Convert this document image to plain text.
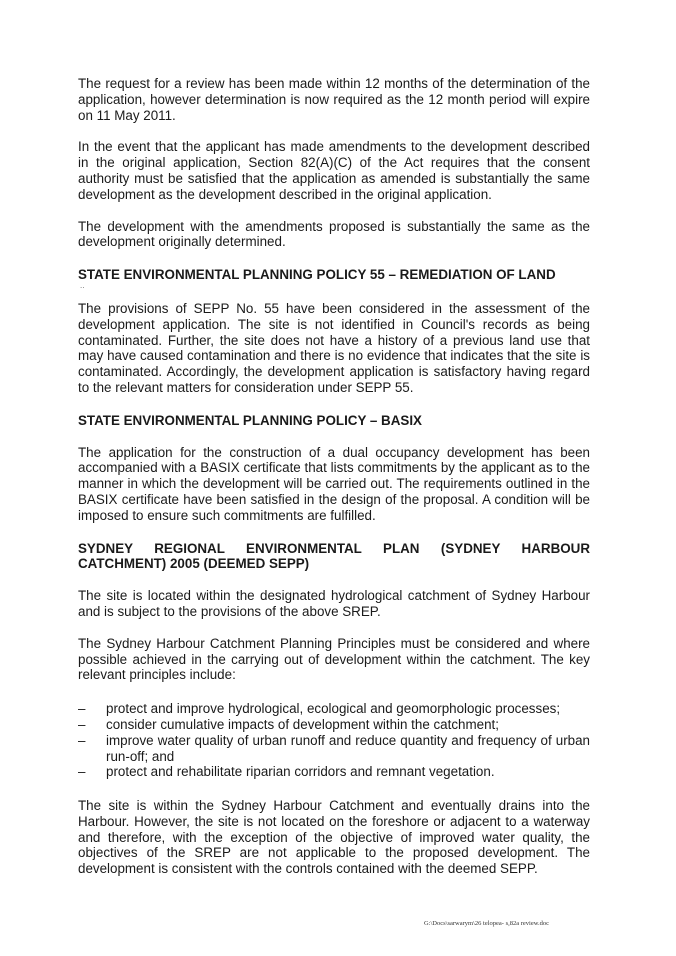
The request for a review has been made within 12 months of the determination of the application, however determination is now required as the 12 month period will expire on 11 May 2011.

In the event that the applicant has made amendments to the development described in the original application, Section 82(A)(C) of the Act requires that the consent authority must be satisfied that the application as amended is substantially the same development as the development described in the original application.

The development with the amendments proposed is substantially the same as the development originally determined.

STATE ENVIRONMENTAL PLANNING POLICY 55 – REMEDIATION OF LAND

The provisions of SEPP No. 55 have been considered in the assessment of the development application. The site is not identified in Council's records as being contaminated. Further, the site does not have a history of a previous land use that may have caused contamination and there is no evidence that indicates that the site is contaminated. Accordingly, the development application is satisfactory having regard to the relevant matters for consideration under SEPP 55.

STATE ENVIRONMENTAL PLANNING POLICY – BASIX

The application for the construction of a dual occupancy development has been accompanied with a BASIX certificate that lists commitments by the applicant as to the manner in which the development will be carried out. The requirements outlined in the BASIX certificate have been satisfied in the design of the proposal. A condition will be imposed to ensure such commitments are fulfilled.

SYDNEY REGIONAL ENVIRONMENTAL PLAN (SYDNEY HARBOUR CATCHMENT) 2005 (DEEMED SEPP)

The site is located within the designated hydrological catchment of Sydney Harbour and is subject to the provisions of the above SREP.

The Sydney Harbour Catchment Planning Principles must be considered and where possible achieved in the carrying out of development within the catchment. The key relevant principles include:

– protect and improve hydrological, ecological and geomorphologic processes;
– consider cumulative impacts of development within the catchment;
– improve water quality of urban runoff and reduce quantity and frequency of urban run-off; and
– protect and rehabilitate riparian corridors and remnant vegetation.

The site is within the Sydney Harbour Catchment and eventually drains into the Harbour. However, the site is not located on the foreshore or adjacent to a waterway and therefore, with the exception of the objective of improved water quality, the objectives of the SREP are not applicable to the proposed development. The development is consistent with the controls contained with the deemed SEPP.

..
G:\Docs\sarwarym\26 telopea- s,82a review.doc
